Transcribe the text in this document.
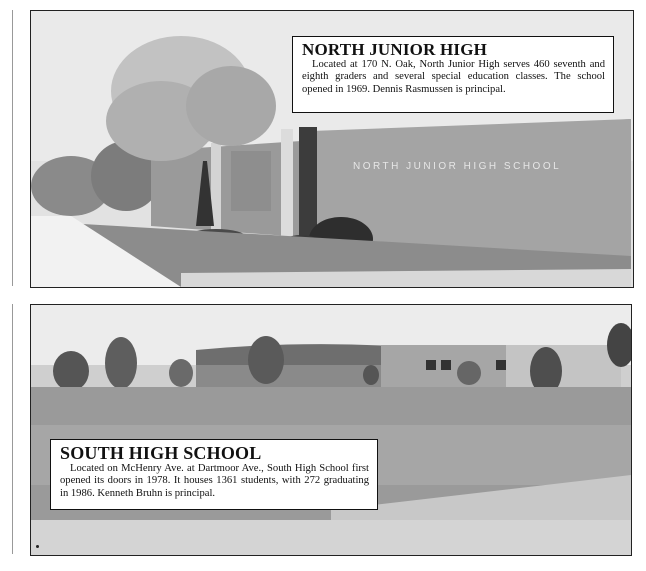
NORTH JUNIOR HIGH SCHOOL

NORTH JUNIOR HIGH

Located at 170 N. Oak, North Junior High serves 460 seventh and eighth graders and several special education classes. The school opened in 1969. Dennis Rasmussen is principal.

SOUTH HIGH SCHOOL

Located on McHenry Ave. at Dartmoor Ave., South High School first opened its doors in 1978. It houses 1361 students, with 272 graduating in 1986. Kenneth Bruhn is principal.
